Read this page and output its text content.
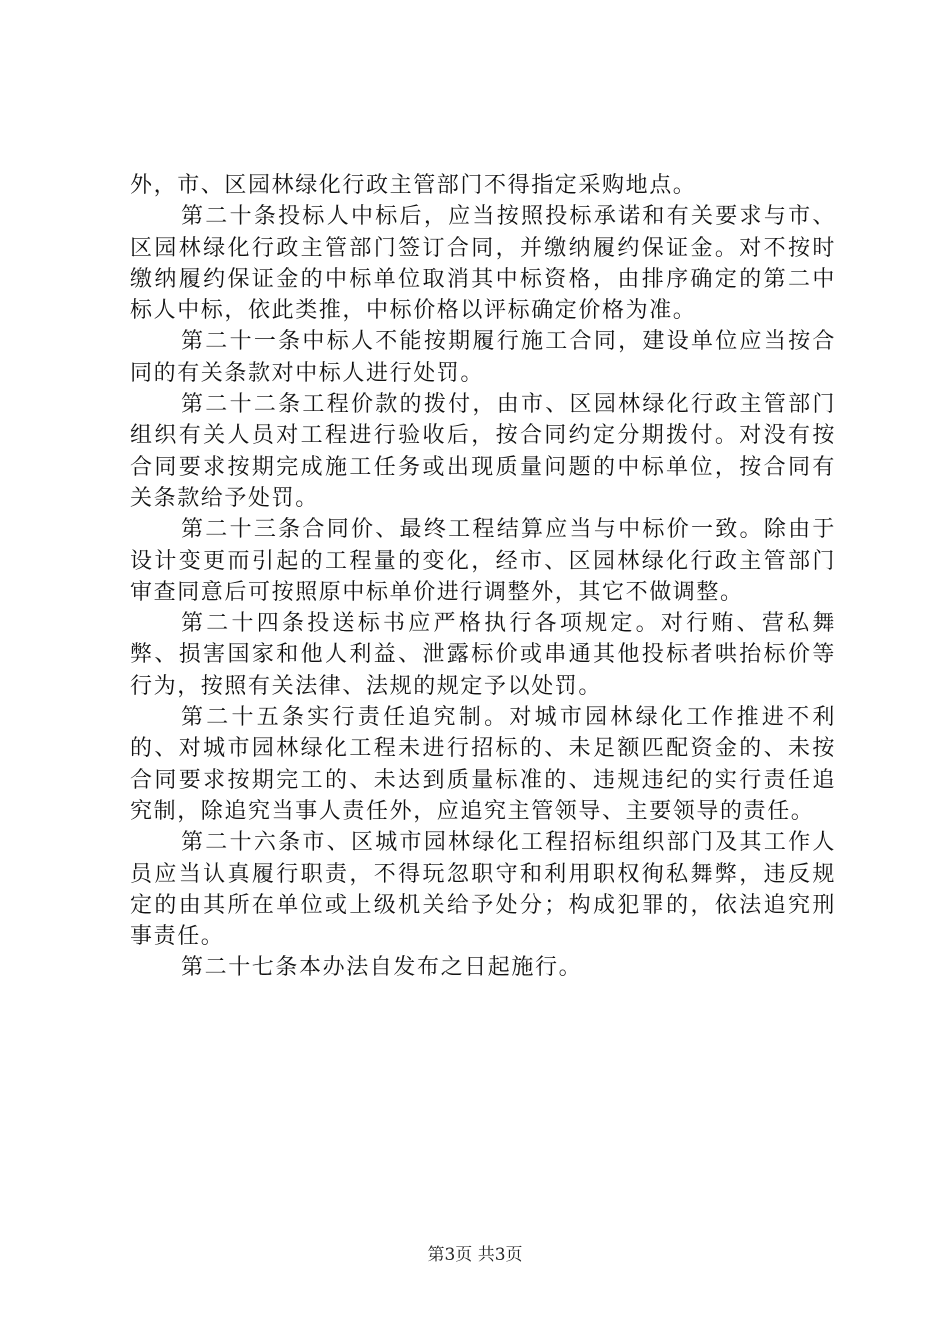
外，市、区园林绿化行政主管部门不得指定采购地点。

第二十条投标人中标后，应当按照投标承诺和有关要求与市、区园林绿化行政主管部门签订合同，并缴纳履约保证金。对不按时缴纳履约保证金的中标单位取消其中标资格，由排序确定的第二中标人中标，依此类推，中标价格以评标确定价格为准。

第二十一条中标人不能按期履行施工合同，建设单位应当按合同的有关条款对中标人进行处罚。

第二十二条工程价款的拨付，由市、区园林绿化行政主管部门组织有关人员对工程进行验收后，按合同约定分期拨付。对没有按合同要求按期完成施工任务或出现质量问题的中标单位，按合同有关条款给予处罚。

第二十三条合同价、最终工程结算应当与中标价一致。除由于设计变更而引起的工程量的变化，经市、区园林绿化行政主管部门审查同意后可按照原中标单价进行调整外，其它不做调整。

第二十四条投送标书应严格执行各项规定。对行贿、营私舞弊、损害国家和他人利益、泄露标价或串通其他投标者哄抬标价等行为，按照有关法律、法规的规定予以处罚。

第二十五条实行责任追究制。对城市园林绿化工作推进不利的、对城市园林绿化工程未进行招标的、未足额匹配资金的、未按合同要求按期完工的、未达到质量标准的、违规违纪的实行责任追究制，除追究当事人责任外，应追究主管领导、主要领导的责任。

第二十六条市、区城市园林绿化工程招标组织部门及其工作人员应当认真履行职责，不得玩忽职守和利用职权徇私舞弊，违反规定的由其所在单位或上级机关给予处分；构成犯罪的，依法追究刑事责任。

第二十七条本办法自发布之日起施行。

第3页 共3页
